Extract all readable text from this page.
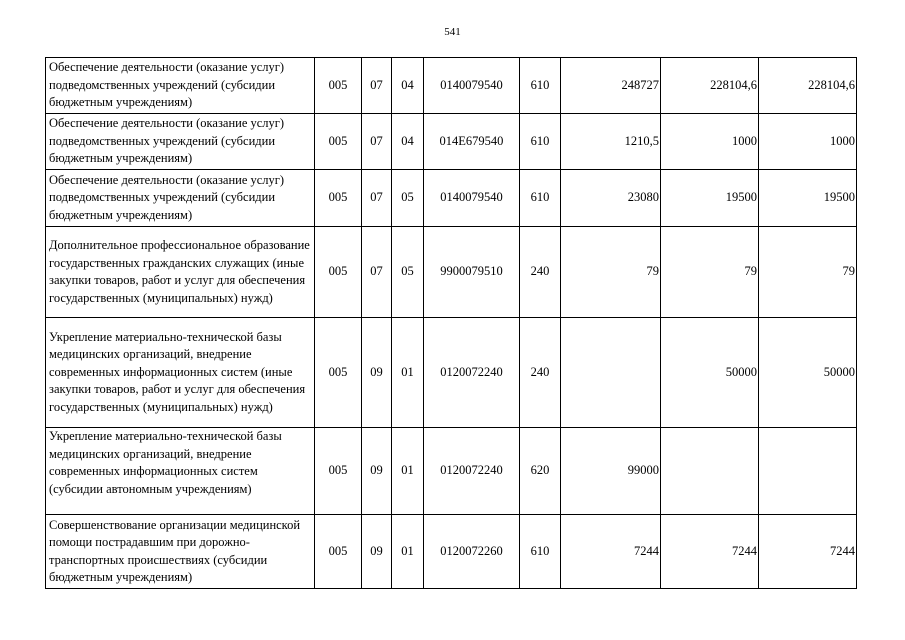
541
Обеспечение деятельности (оказание услуг) подведомственных учреждений (субсидии бюджетным учреждениям)	005	07	04	0140079540	610	248727	228104,6	228104,6
Обеспечение деятельности (оказание услуг) подведомственных учреждений (субсидии бюджетным учреждениям)	005	07	04	014E679540	610	1210,5	1000	1000
Обеспечение деятельности (оказание услуг) подведомственных учреждений (субсидии бюджетным учреждениям)	005	07	05	0140079540	610	23080	19500	19500
Дополнительное профессиональное образование государственных гражданских служащих (иные закупки товаров, работ и услуг для обеспечения государственных (муниципальных) нужд)	005	07	05	9900079510	240	79	79	79
Укрепление материально-технической базы медицинских организаций, внедрение современных информационных систем (иные закупки товаров, работ и услуг для обеспечения государственных (муниципальных) нужд)	005	09	01	0120072240	240		50000	50000
Укрепление материально-технической базы медицинских организаций, внедрение современных информационных систем (субсидии автономным учреждениям)	005	09	01	0120072240	620	99000		
Совершенствование организации медицинской помощи пострадавшим при дорожно-транспортных происшествиях (субсидии бюджетным учреждениям)	005	09	01	0120072260	610	7244	7244	7244
